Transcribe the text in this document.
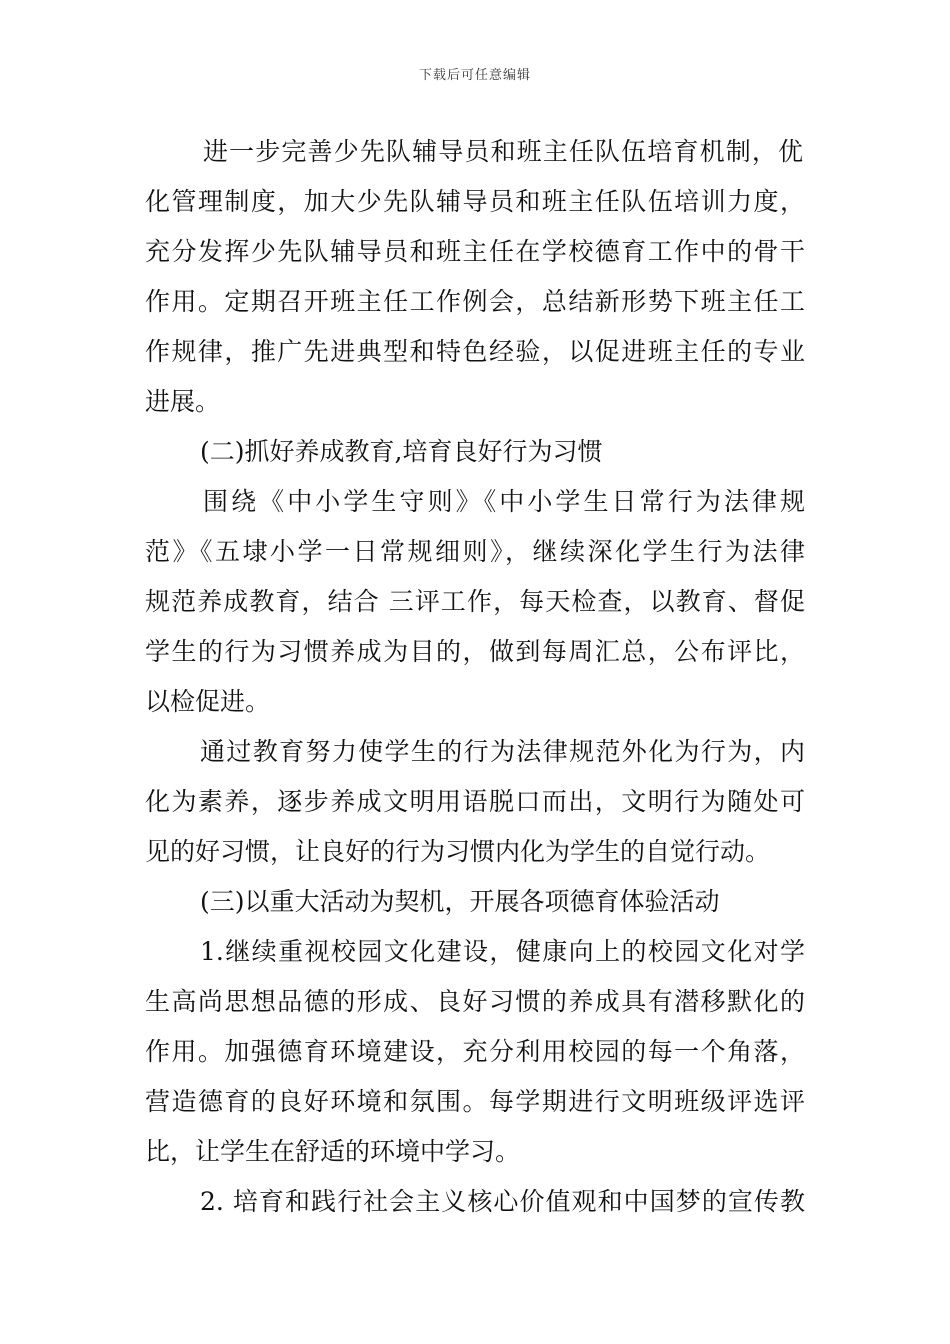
下载后可任意编辑
进一步完善少先队辅导员和班主任队伍培育机制，优
化管理制度，加大少先队辅导员和班主任队伍培训力度，
充分发挥少先队辅导员和班主任在学校德育工作中的骨干
作用。定期召开班主任工作例会，总结新形势下班主任工
作规律，推广先进典型和特色经验，以促进班主任的专业
进展。
(二)抓好养成教育,培育良好行为习惯
围绕《中小学生守则》《中小学生日常行为法律规
范》《五埭小学一日常规细则》，继续深化学生行为法律
规范养成教育，结合 三评工作，每天检查，以教育、督促
学生的行为习惯养成为目的，做到每周汇总，公布评比，
以检促进。
通过教育努力使学生的行为法律规范外化为行为，内
化为素养，逐步养成文明用语脱口而出，文明行为随处可
见的好习惯，让良好的行为习惯内化为学生的自觉行动。
(三)以重大活动为契机，开展各项德育体验活动
1.继续重视校园文化建设，健康向上的校园文化对学
生高尚思想品德的形成、良好习惯的养成具有潜移默化的
作用。加强德育环境建设，充分利用校园的每一个角落，
营造德育的良好环境和氛围。每学期进行文明班级评选评
比，让学生在舒适的环境中学习。
2. 培育和践行社会主义核心价值观和中国梦的宣传教
